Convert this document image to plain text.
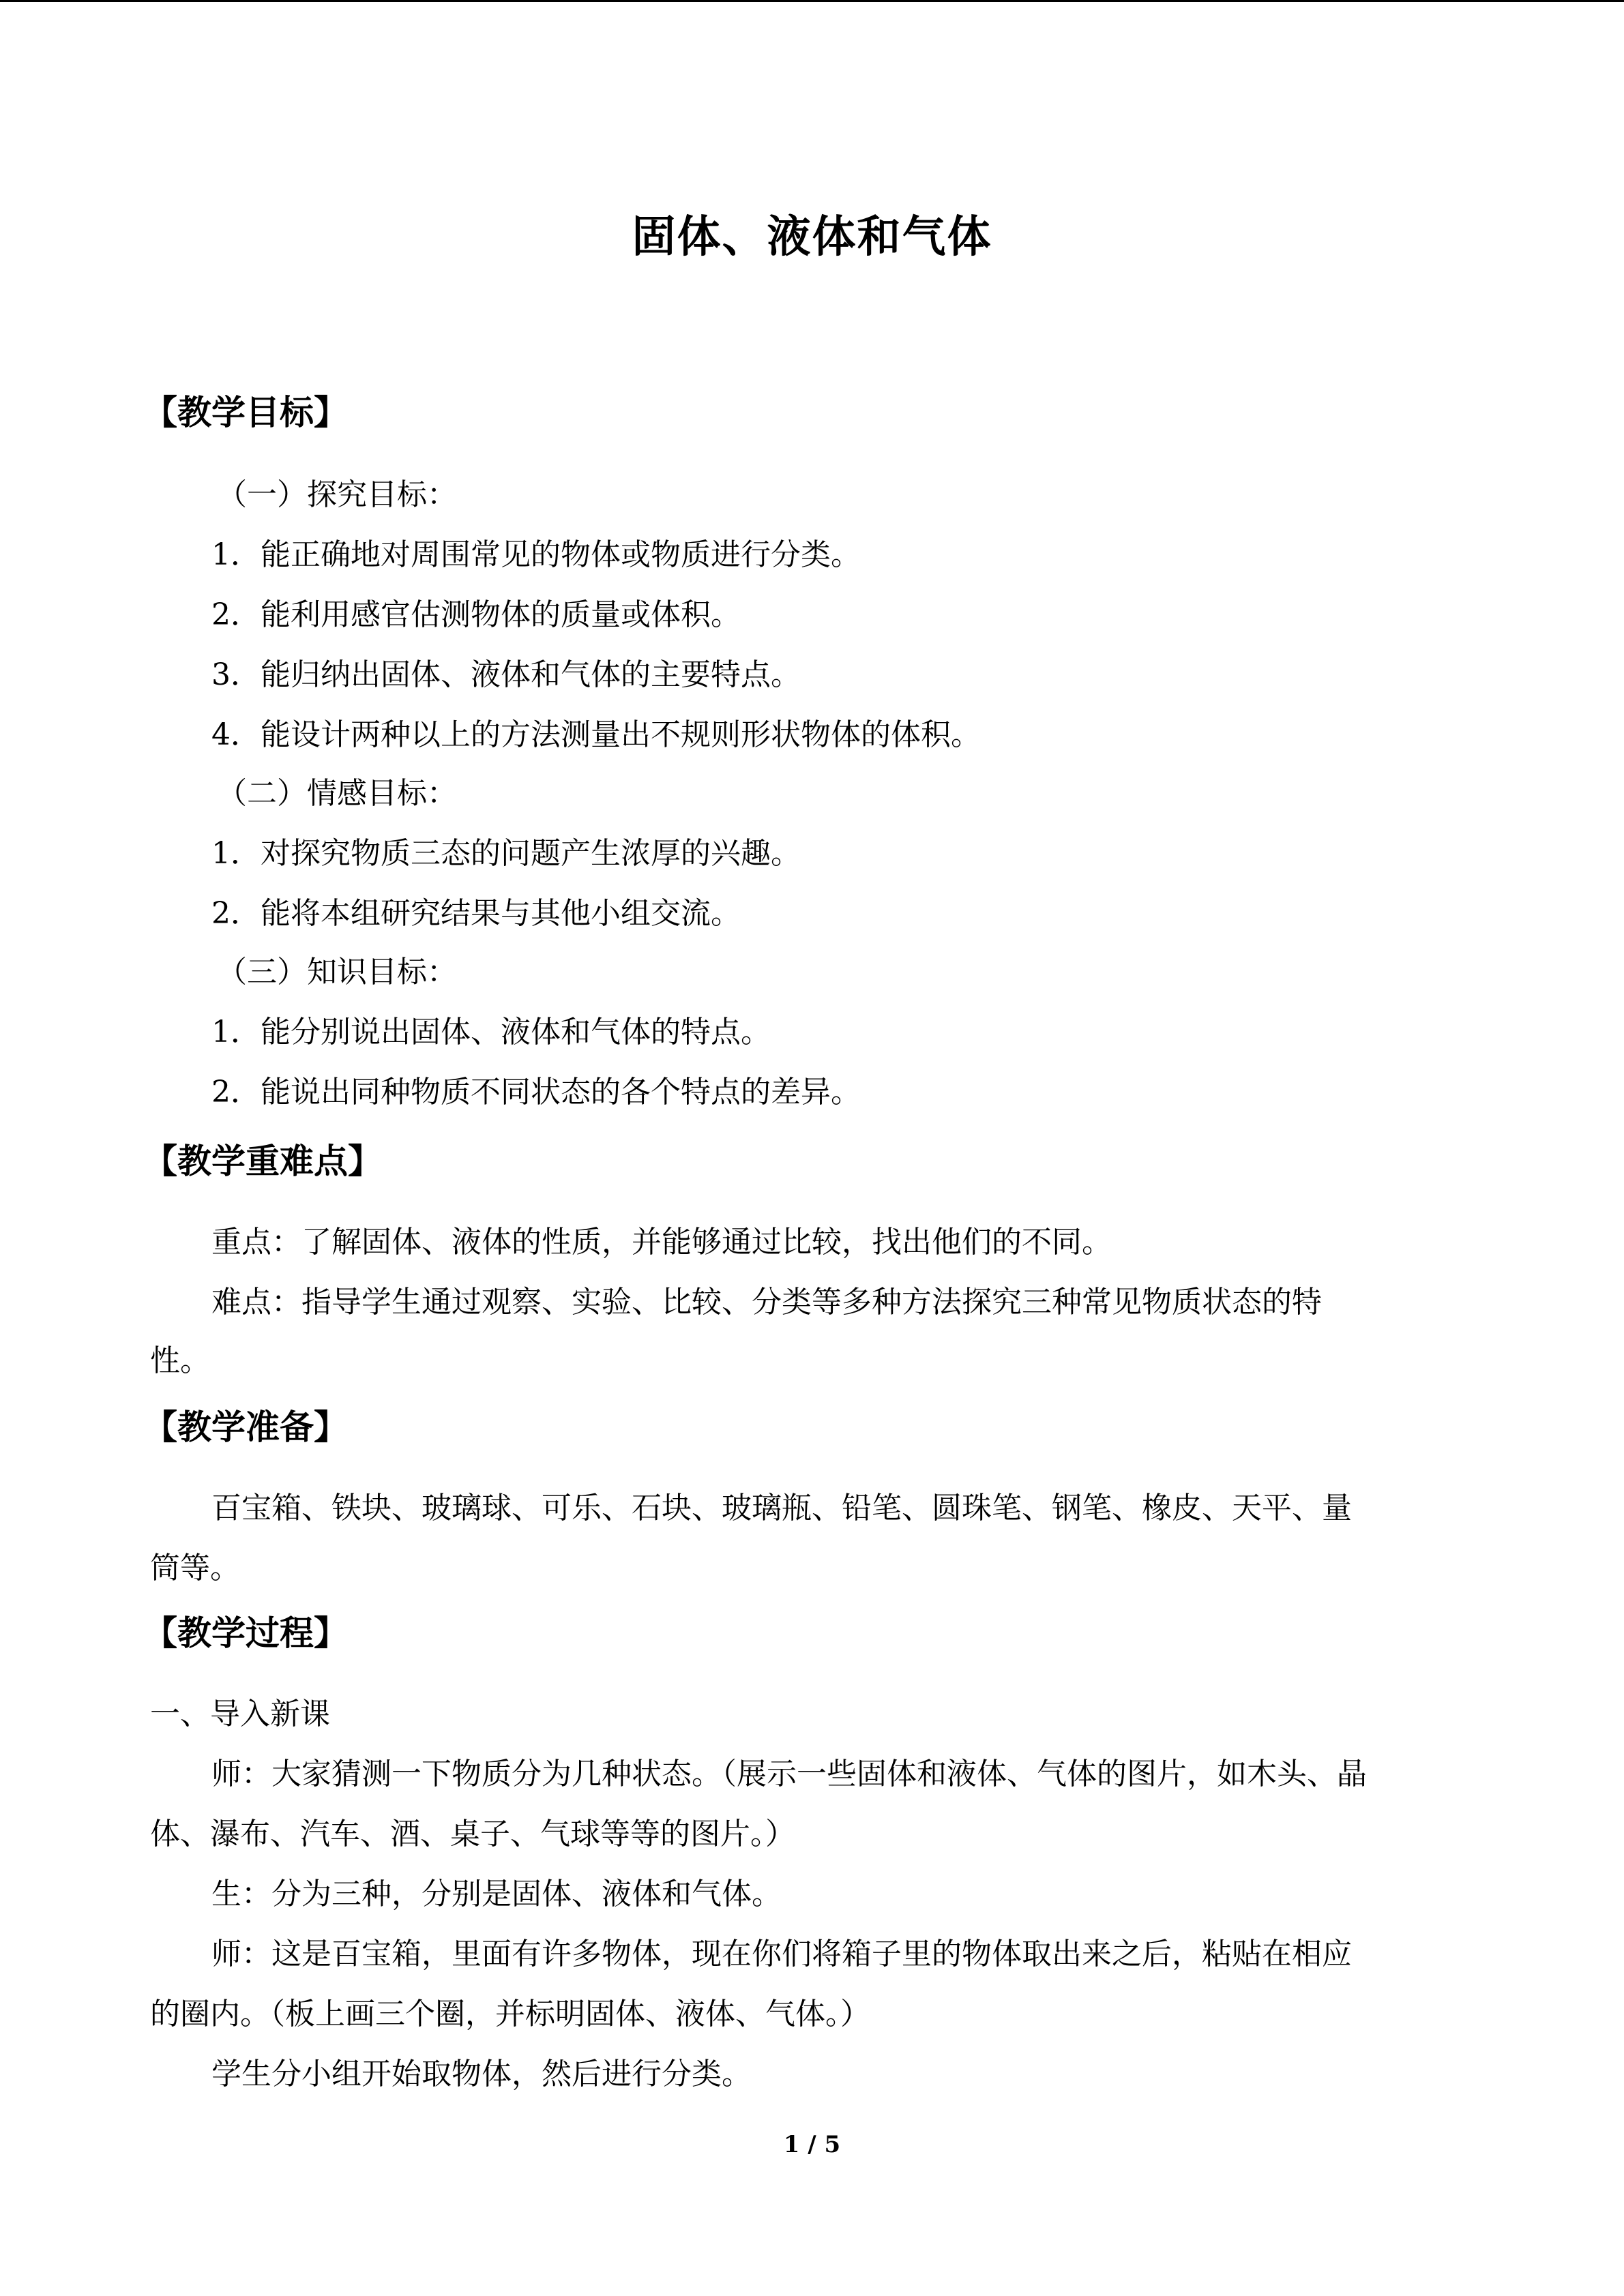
固体、液体和气体
【教学目标】
（一）探究目标：
1．能正确地对周围常见的物体或物质进行分类。
2．能利用感官估测物体的质量或体积。
3．能归纳出固体、液体和气体的主要特点。
4．能设计两种以上的方法测量出不规则形状物体的体积。
（二）情感目标：
1．对探究物质三态的问题产生浓厚的兴趣。
2．能将本组研究结果与其他小组交流。
（三）知识目标：
1．能分别说出固体、液体和气体的特点。
2．能说出同种物质不同状态的各个特点的差异。
【教学重难点】
重点：了解固体、液体的性质，并能够通过比较，找出他们的不同。
难点：指导学生通过观察、实验、比较、分类等多种方法探究三种常见物质状态的特
性。
【教学准备】
百宝箱、铁块、玻璃球、可乐、石块、玻璃瓶、铅笔、圆珠笔、钢笔、橡皮、天平、量
筒等。
【教学过程】
一、导入新课
师：大家猜测一下物质分为几种状态。（展示一些固体和液体、气体的图片，如木头、晶
体、瀑布、汽车、酒、桌子、气球等等的图片。）
生：分为三种，分别是固体、液体和气体。
师：这是百宝箱，里面有许多物体，现在你们将箱子里的物体取出来之后，粘贴在相应
的圈内。（板上画三个圈，并标明固体、液体、气体。）
学生分小组开始取物体，然后进行分类。
1 / 5
